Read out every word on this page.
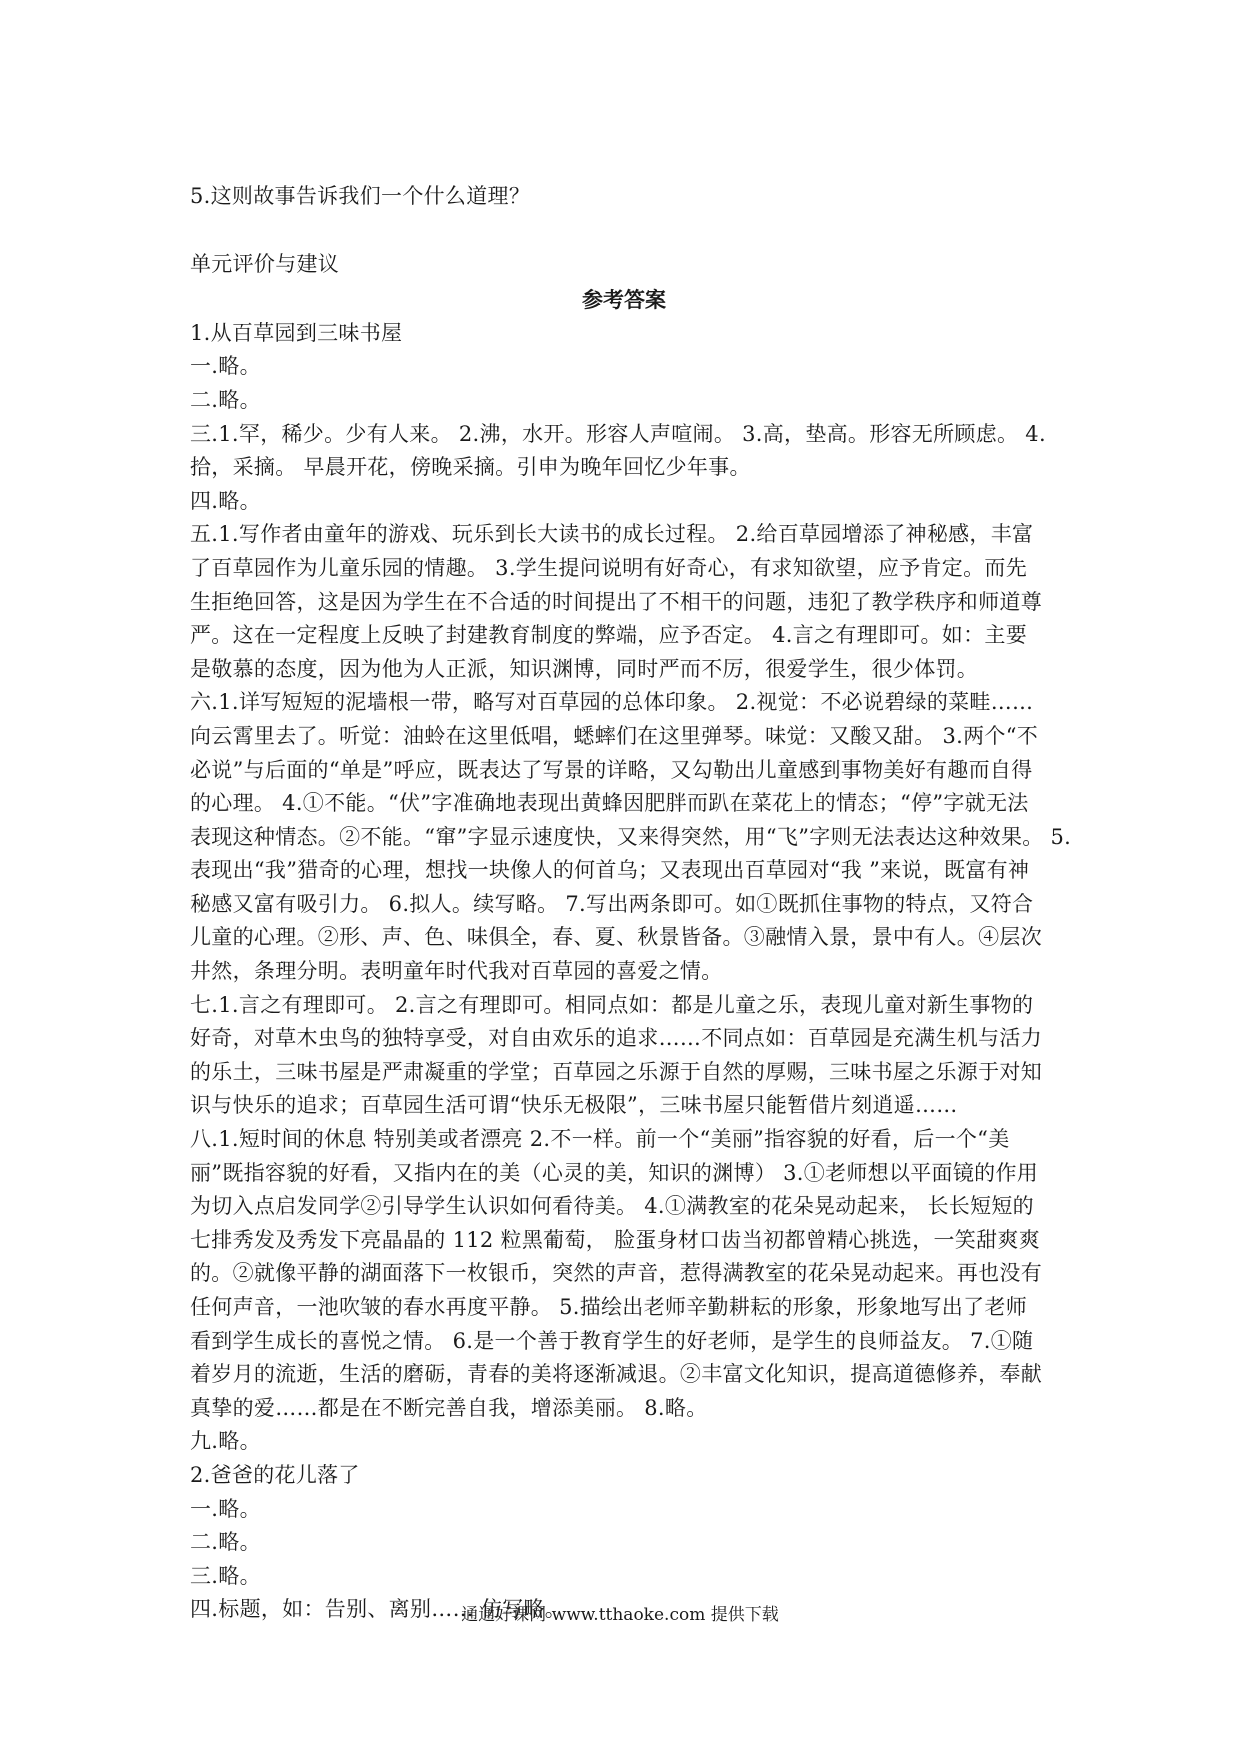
5.这则故事告诉我们一个什么道理？
单元评价与建议
参考答案
1.从百草园到三味书屋
一.略。
二.略。
三.1.罕，稀少。少有人来。 2.沸，水开。形容人声喧闹。 3.高，垫高。形容无所顾虑。 4.
拾，采摘。 早晨开花，傍晚采摘。引申为晚年回忆少年事。
四.略。
五.1.写作者由童年的游戏、玩乐到长大读书的成长过程。 2.给百草园增添了神秘感，丰富
了百草园作为儿童乐园的情趣。 3.学生提问说明有好奇心，有求知欲望，应予肯定。而先
生拒绝回答，这是因为学生在不合适的时间提出了不相干的问题，违犯了教学秩序和师道尊
严。这在一定程度上反映了封建教育制度的弊端，应予否定。 4.言之有理即可。如：主要
是敬慕的态度，因为他为人正派，知识渊博，同时严而不厉，很爱学生，很少体罚。
六.1.详写短短的泥墙根一带，略写对百草园的总体印象。 2.视觉：不必说碧绿的菜畦……
向云霄里去了。听觉：油蛉在这里低唱，蟋蟀们在这里弹琴。味觉：又酸又甜。 3.两个“不
必说”与后面的“单是”呼应，既表达了写景的详略，又勾勒出儿童感到事物美好有趣而自得
的心理。 4.①不能。“伏”字准确地表现出黄蜂因肥胖而趴在菜花上的情态；“停”字就无法
表现这种情态。②不能。“窜”字显示速度快，又来得突然，用“飞”字则无法表达这种效果。 5.
表现出“我”猎奇的心理，想找一块像人的何首乌；又表现出百草园对“我 ”来说，既富有神
秘感又富有吸引力。 6.拟人。续写略。 7.写出两条即可。如①既抓住事物的特点，又符合
儿童的心理。②形、声、色、味俱全，春、夏、秋景皆备。③融情入景，景中有人。④层次
井然，条理分明。表明童年时代我对百草园的喜爱之情。
七.1.言之有理即可。 2.言之有理即可。相同点如：都是儿童之乐，表现儿童对新生事物的
好奇，对草木虫鸟的独特享受，对自由欢乐的追求……不同点如：百草园是充满生机与活力
的乐土，三味书屋是严肃凝重的学堂；百草园之乐源于自然的厚赐，三味书屋之乐源于对知
识与快乐的追求；百草园生活可谓“快乐无极限”，三味书屋只能暂借片刻逍遥……
八.1.短时间的休息 特别美或者漂亮 2.不一样。前一个“美丽”指容貌的好看，后一个“美
丽”既指容貌的好看，又指内在的美（心灵的美，知识的渊博） 3.①老师想以平面镜的作用
为切入点启发同学②引导学生认识如何看待美。 4.①满教室的花朵晃动起来， 长长短短的
七排秀发及秀发下亮晶晶的 112 粒黑葡萄， 脸蛋身材口齿当初都曾精心挑选，一笑甜爽爽
的。②就像平静的湖面落下一枚银币，突然的声音，惹得满教室的花朵晃动起来。再也没有
任何声音，一池吹皱的春水再度平静。 5.描绘出老师辛勤耕耘的形象，形象地写出了老师
看到学生成长的喜悦之情。 6.是一个善于教育学生的好老师，是学生的良师益友。 7.①随
着岁月的流逝，生活的磨砺，青春的美将逐渐减退。②丰富文化知识，提高道德修养，奉献
真挚的爱……都是在不断完善自我，增添美丽。 8.略。
九.略。
2.爸爸的花儿落了
一.略。
二.略。
三.略。
四.标题，如：告别、离别…… 仿写略。
通通好课网 www.tthaoke.com 提供下载
